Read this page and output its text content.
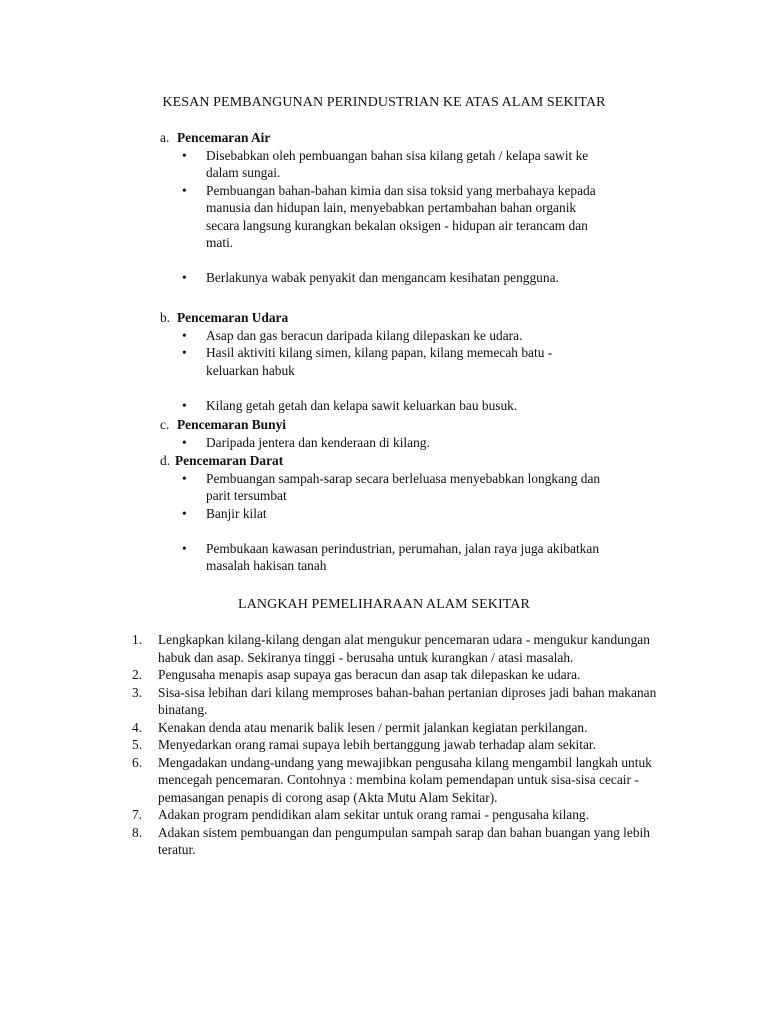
KESAN PEMBANGUNAN PERINDUSTRIAN KE ATAS ALAM SEKITAR
a. Pencemaran Air
• Disebabkan oleh pembuangan bahan sisa kilang getah / kelapa sawit ke dalam sungai.
• Pembuangan bahan-bahan kimia dan sisa toksid yang merbahaya kepada manusia dan hidupan lain, menyebabkan pertambahan bahan organik secara langsung kurangkan bekalan oksigen - hidupan air terancam dan mati.
• Berlakunya wabak penyakit dan mengancam kesihatan pengguna.
b. Pencemaran Udara
• Asap dan gas beracun daripada kilang dilepaskan ke udara.
• Hasil aktiviti kilang simen, kilang papan, kilang memecah batu - keluarkan habuk
• Kilang getah getah dan kelapa sawit keluarkan bau busuk.
c. Pencemaran Bunyi
• Daripada jentera dan kenderaan di kilang.
d. Pencemaran Darat
• Pembuangan sampah-sarap secara berleluasa menyebabkan longkang dan parit tersumbat
• Banjir kilat
• Pembukaan kawasan perindustrian, perumahan, jalan raya juga akibatkan masalah hakisan tanah
LANGKAH PEMELIHARAAN ALAM SEKITAR
1. Lengkapkan kilang-kilang dengan alat mengukur pencemaran udara - mengukur kandungan habuk dan asap. Sekiranya tinggi - berusaha untuk kurangkan / atasi masalah.
2. Pengusaha menapis asap supaya gas beracun dan asap tak dilepaskan ke udara.
3. Sisa-sisa lebihan dari kilang memproses bahan-bahan pertanian diproses jadi bahan makanan binatang.
4. Kenakan denda atau menarik balik lesen / permit jalankan kegiatan perkilangan.
5. Menyedarkan orang ramai supaya lebih bertanggung jawab terhadap alam sekitar.
6. Mengadakan undang-undang yang mewajibkan pengusaha kilang mengambil langkah untuk mencegah pencemaran. Contohnya : membina kolam pemendapan untuk sisa-sisa cecair - pemasangan penapis di corong asap (Akta Mutu Alam Sekitar).
7. Adakan program pendidikan alam sekitar untuk orang ramai - pengusaha kilang.
8. Adakan sistem pembuangan dan pengumpulan sampah sarap dan bahan buangan yang lebih teratur.
